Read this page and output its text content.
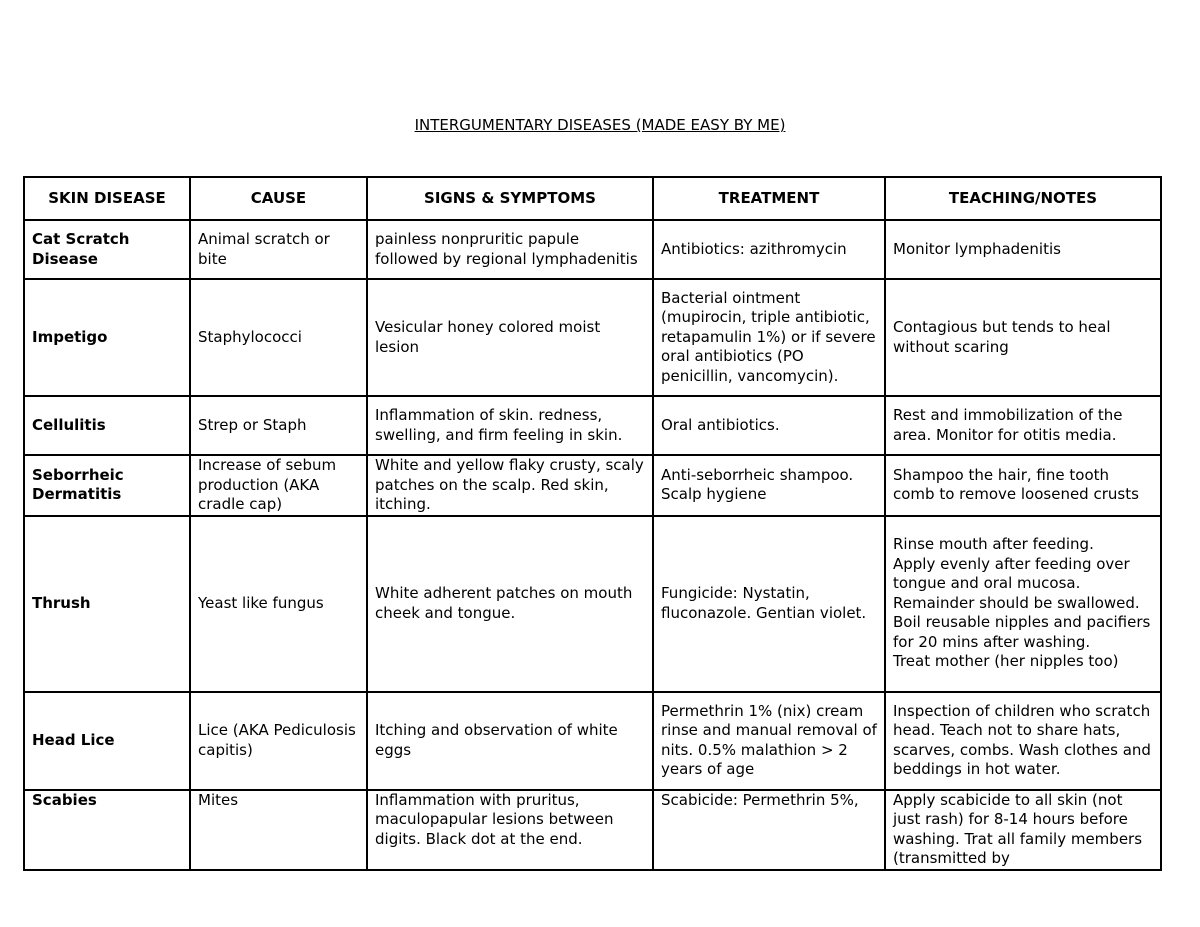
INTERGUMENTARY DISEASES (MADE EASY BY ME)
SKIN DISEASE	CAUSE	SIGNS & SYMPTOMS	TREATMENT	TEACHING/NOTES
Cat Scratch Disease	Animal scratch or bite	painless nonpruritic papule followed by regional lymphadenitis	Antibiotics: azithromycin	Monitor lymphadenitis
Impetigo	Staphylococci	Vesicular honey colored moist lesion	Bacterial ointment (mupirocin, triple antibiotic, retapamulin 1%) or if severe oral antibiotics (PO penicillin, vancomycin).	Contagious but tends to heal without scaring
Cellulitis	Strep or Staph	Inflammation of skin. redness, swelling, and firm feeling in skin.	Oral antibiotics.	Rest and immobilization of the area. Monitor for otitis media.
Seborrheic Dermatitis	Increase of sebum production (AKA cradle cap)	White and yellow flaky crusty, scaly patches on the scalp. Red skin, itching.	Anti-seborrheic shampoo. Scalp hygiene	Shampoo the hair, fine tooth comb to remove loosened crusts
Thrush	Yeast like fungus	White adherent patches on mouth cheek and tongue.	Fungicide: Nystatin, fluconazole. Gentian violet.	Rinse mouth after feeding.
Apply evenly after feeding over tongue and oral mucosa. Remainder should be swallowed.
Boil reusable nipples and pacifiers for 20 mins after washing.
Treat mother (her nipples too)
Head Lice	Lice (AKA Pediculosis capitis)	Itching and observation of white eggs	Permethrin 1% (nix) cream rinse and manual removal of nits. 0.5% malathion > 2 years of age	Inspection of children who scratch head. Teach not to share hats, scarves, combs. Wash clothes and beddings in hot water.
Scabies	Mites	Inflammation with pruritus, maculopapular lesions between digits. Black dot at the end.	Scabicide: Permethrin 5%,	Apply scabicide to all skin (not just rash) for 8-14 hours before washing. Trat all family members (transmitted by
